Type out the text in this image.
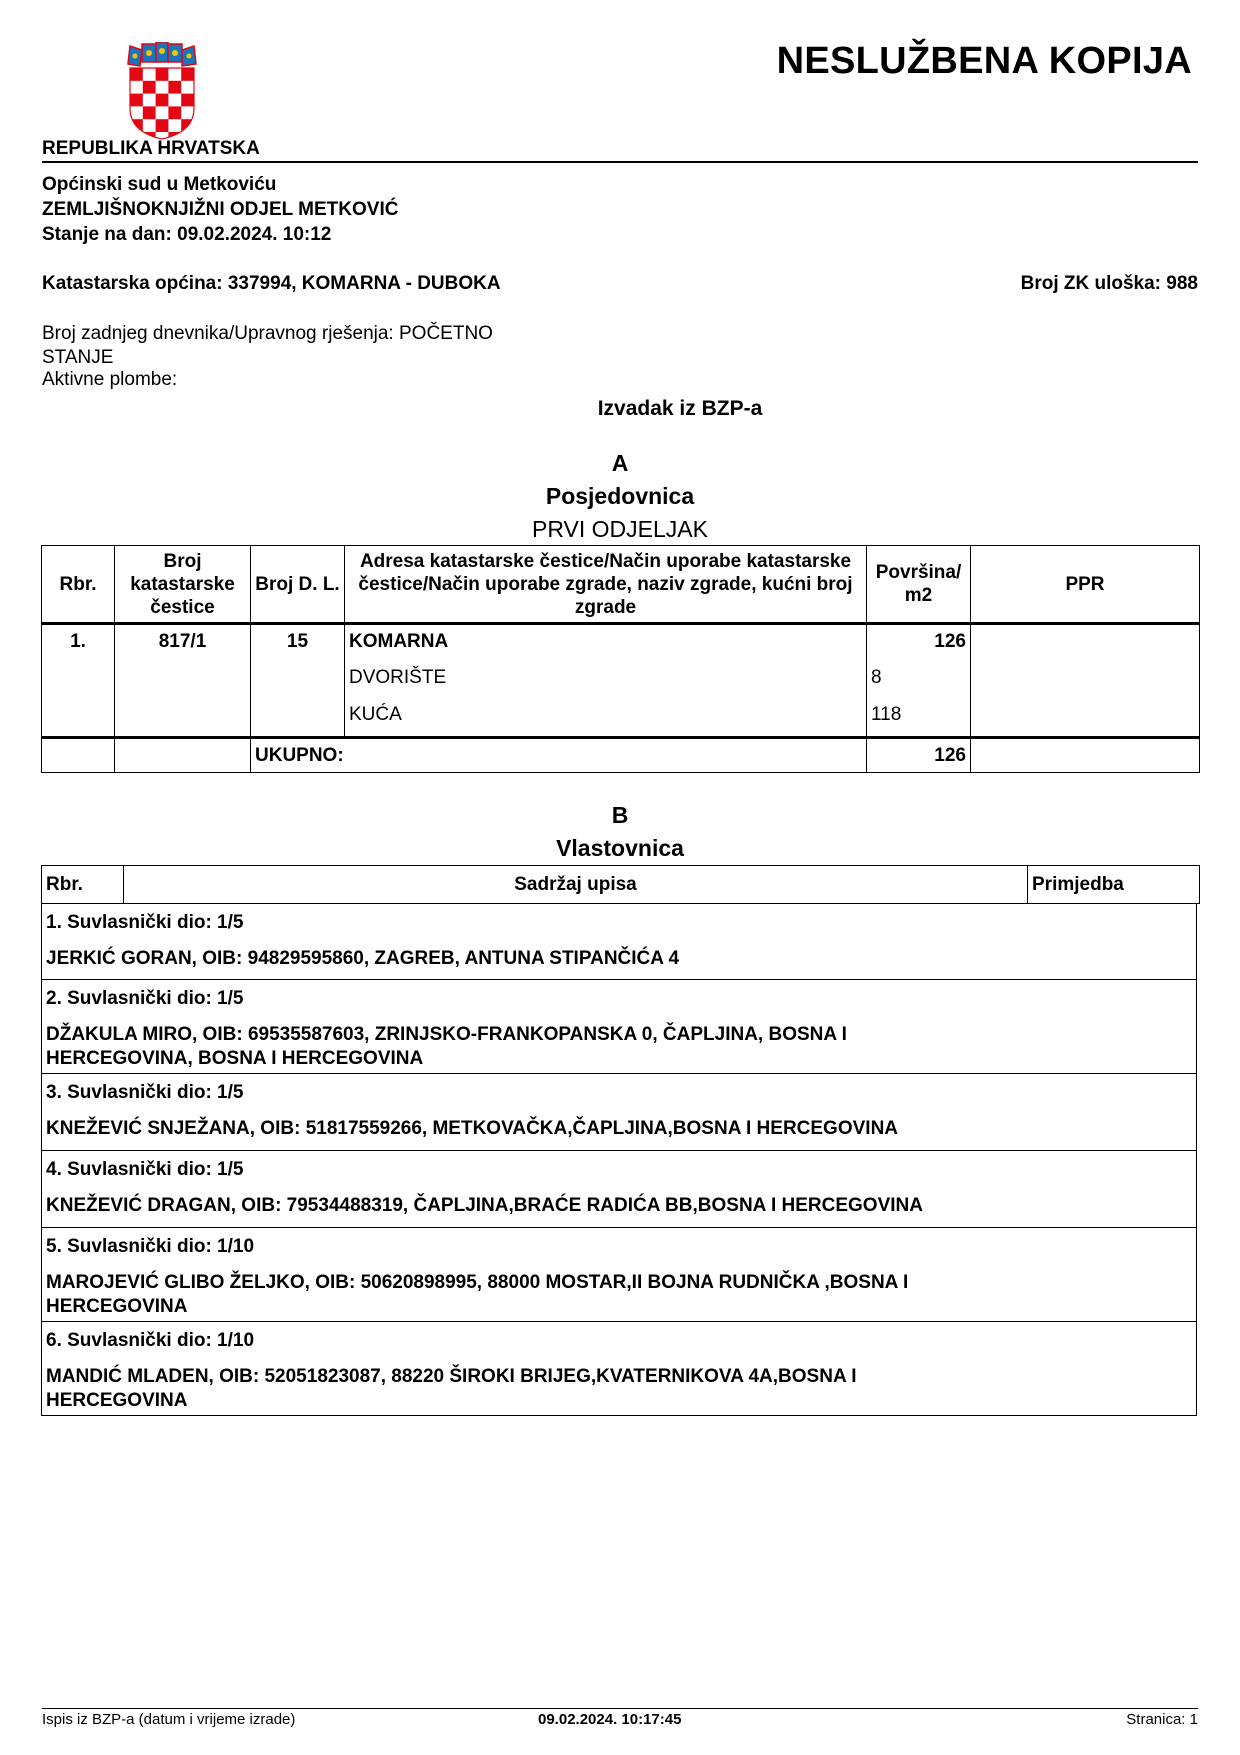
NESLUŽBENA KOPIJA
REPUBLIKA HRVATSKA
Općinski sud u Metkoviću
ZEMLJIŠNOKNJIŽNI ODJEL METKOVIĆ
Stanje na dan: 09.02.2024. 10:12
Katastarska općina: 337994, KOMARNA - DUBOKA	Broj ZK uloška: 988
Broj zadnjeg dnevnika/Upravnog rješenja: POČETNO
STANJE
Aktivne plombe:
Izvadak iz BZP-a
A
Posjedovnica
PRVI ODJELJAK
Rbr.	Broj katastarske čestice	Broj D. L.	Adresa katastarske čestice/Način uporabe katastarske čestice/Način uporabe zgrade, naziv zgrade, kućni broj zgrade	Površina/ m2	PPR
1.	817/1	15	KOMARNA	126	
			DVORIŠTE	8	
			KUĆA	118	
		UKUPNO:		126	
B
Vlastovnica
Rbr.	Sadržaj upisa	Primjedba
1. Suvlasnički dio: 1/5
JERKIĆ GORAN, OIB: 94829595860, ZAGREB, ANTUNA STIPANČIĆA 4
2. Suvlasnički dio: 1/5
DŽAKULA MIRO, OIB: 69535587603, ZRINJSKO-FRANKOPANSKA 0, ČAPLJINA, BOSNA I
HERCEGOVINA, BOSNA I HERCEGOVINA
3. Suvlasnički dio: 1/5
KNEŽEVIĆ SNJEŽANA, OIB: 51817559266, METKOVAČKA,ČAPLJINA,BOSNA I HERCEGOVINA
4. Suvlasnički dio: 1/5
KNEŽEVIĆ DRAGAN, OIB: 79534488319, ČAPLJINA,BRAĆE RADIĆA BB,BOSNA I HERCEGOVINA
5. Suvlasnički dio: 1/10
MAROJEVIĆ GLIBO ŽELJKO, OIB: 50620898995, 88000 MOSTAR,II BOJNA RUDNIČKA ,BOSNA I
HERCEGOVINA
6. Suvlasnički dio: 1/10
MANDIĆ MLADEN, OIB: 52051823087, 88220 ŠIROKI BRIJEG,KVATERNIKOVA 4A,BOSNA I
HERCEGOVINA
Ispis iz BZP-a (datum i vrijeme izrade)	09.02.2024. 10:17:45	Stranica: 1
